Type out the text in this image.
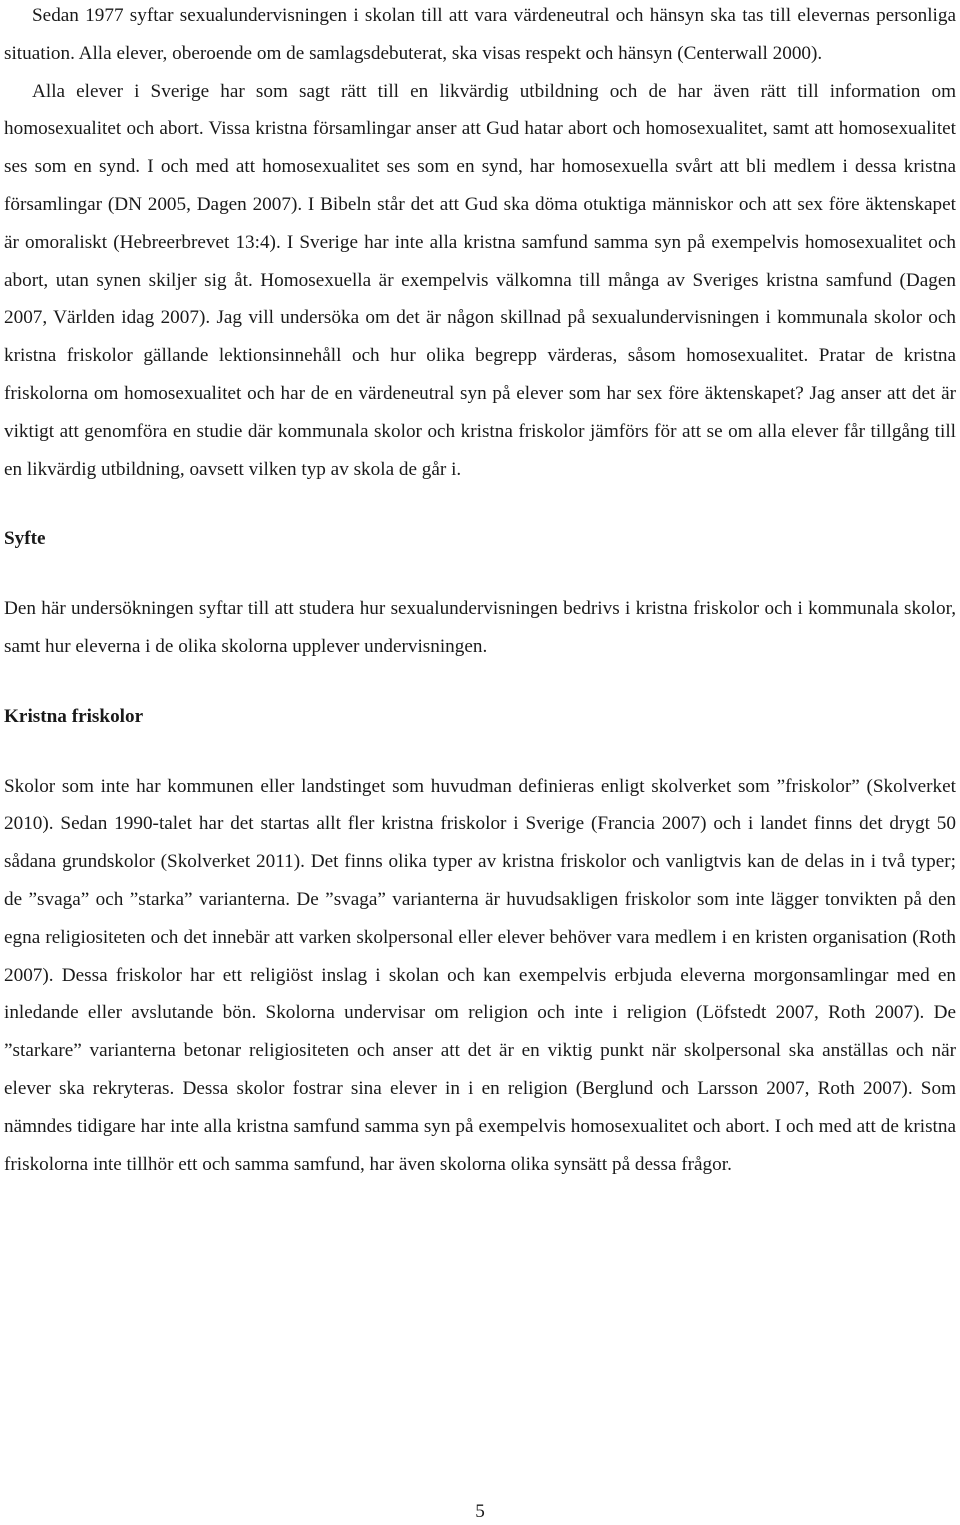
Sedan 1977 syftar sexualundervisningen i skolan till att vara värdeneutral och hänsyn ska tas till elevernas personliga situation. Alla elever, oberoende om de samlagsdebuterat, ska visas respekt och hänsyn (Centerwall 2000).

Alla elever i Sverige har som sagt rätt till en likvärdig utbildning och de har även rätt till information om homosexualitet och abort. Vissa kristna församlingar anser att Gud hatar abort och homosexualitet, samt att homosexualitet ses som en synd. I och med att homosexualitet ses som en synd, har homosexuella svårt att bli medlem i dessa kristna församlingar (DN 2005, Dagen 2007). I Bibeln står det att Gud ska döma otuktiga människor och att sex före äktenskapet är omoraliskt (Hebreerbrevet 13:4). I Sverige har inte alla kristna samfund samma syn på exempelvis homosexualitet och abort, utan synen skiljer sig åt. Homosexuella är exempelvis välkomna till många av Sveriges kristna samfund (Dagen 2007, Världen idag 2007). Jag vill undersöka om det är någon skillnad på sexualundervisningen i kommunala skolor och kristna friskolor gällande lektionsinnehåll och hur olika begrepp värderas, såsom homosexualitet. Pratar de kristna friskolorna om homosexualitet och har de en värdeneutral syn på elever som har sex före äktenskapet? Jag anser att det är viktigt att genomföra en studie där kommunala skolor och kristna friskolor jämförs för att se om alla elever får tillgång till en likvärdig utbildning, oavsett vilken typ av skola de går i.

Syfte

Den här undersökningen syftar till att studera hur sexualundervisningen bedrivs i kristna friskolor och i kommunala skolor, samt hur eleverna i de olika skolorna upplever undervisningen.

Kristna friskolor

Skolor som inte har kommunen eller landstinget som huvudman definieras enligt skolverket som ”friskolor” (Skolverket 2010). Sedan 1990-talet har det startas allt fler kristna friskolor i Sverige (Francia 2007) och i landet finns det drygt 50 sådana grundskolor (Skolverket 2011). Det finns olika typer av kristna friskolor och vanligtvis kan de delas in i två typer; de ”svaga” och ”starka” varianterna. De ”svaga” varianterna är huvudsakligen friskolor som inte lägger tonvikten på den egna religiositeten och det innebär att varken skolpersonal eller elever behöver vara medlem i en kristen organisation (Roth 2007). Dessa friskolor har ett religiöst inslag i skolan och kan exempelvis erbjuda eleverna morgonsamlingar med en inledande eller avslutande bön. Skolorna undervisar om religion och inte i religion (Löfstedt 2007, Roth 2007). De ”starkare” varianterna betonar religiositeten och anser att det är en viktig punkt när skolpersonal ska anställas och när elever ska rekryteras. Dessa skolor fostrar sina elever in i en religion (Berglund och Larsson 2007, Roth 2007). Som nämndes tidigare har inte alla kristna samfund samma syn på exempelvis homosexualitet och abort. I och med att de kristna friskolorna inte tillhör ett och samma samfund, har även skolorna olika synsätt på dessa frågor.

5
